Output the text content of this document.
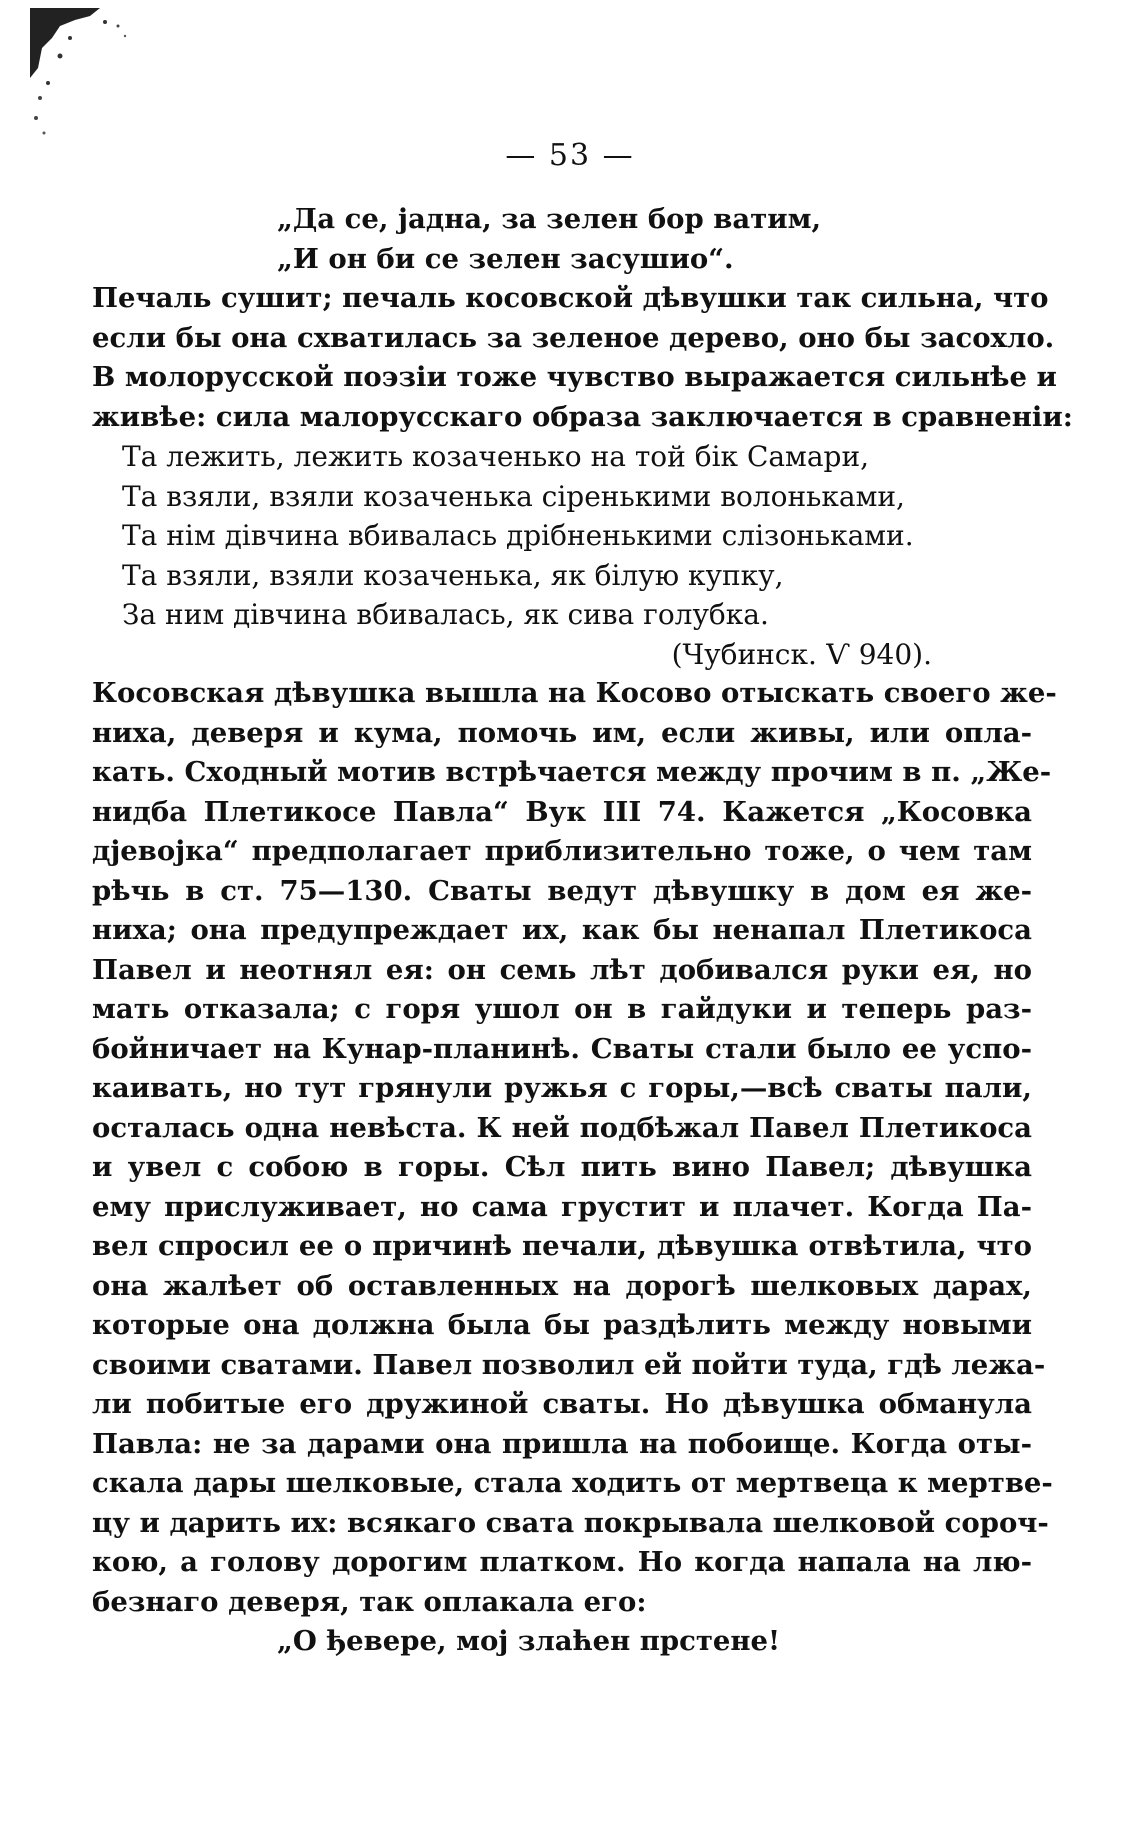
— 53 —
„Да се, јадна, за зелен бор ватим,
„И он би се зелен засушио“.
Печаль сушит; печаль косовской дѣвушки так сильна, что
если бы она схватилась за зеленое дерево, оно бы засохло.
В молорусской поэзіи тоже чувство выражается сильнѣе и
живѣе: сила малорусскаго образа заключается в сравненіи:
Та лежить, лежить козаченько на той бік Самари,
Та взяли, взяли козаченька сіренькими волоньками,
Та нім дівчина вбивалась дрібненькими слізоньками.
Та взяли, взяли козаченька, як білую купку,
За ним дівчина вбивалась, як сива голубка.
(Чубинск. Ѵ 940).
Косовская дѣвушка вышла на Косово отыскать своего же-
ниха, деверя и кума, помочь им, если живы, или опла-
кать. Сходный мотив встрѣчается между прочим в п. „Же-
нидба Плетикосе Павла“ Вук III 74. Кажется „Косовка
дјевојка“ предполагает приблизительно тоже, о чем там
рѣчь в ст. 75—130. Сваты ведут дѣвушку в дом ея же-
ниха; она предупреждает их, как бы ненапал Плетикоса
Павел и неотнял ея: он семь лѣт добивался руки ея, но
мать отказала; с горя ушол он в гайдуки и теперь раз-
бойничает на Кунар-планинѣ. Сваты стали было ее успо-
каивать, но тут грянули ружья с горы,—всѣ сваты пали,
осталась одна невѣста. К ней подбѣжал Павел Плетикоса
и увел с собою в горы. Сѣл пить вино Павел; дѣвушка
ему прислуживает, но сама грустит и плачет. Когда Па-
вел спросил ее о причинѣ печали, дѣвушка отвѣтила, что
она жалѣет об оставленных на дорогѣ шелковых дарах,
которые она должна была бы раздѣлить между новыми
своими сватами. Павел позволил ей пойти туда, гдѣ лежа-
ли побитые его дружиной сваты. Но дѣвушка обманула
Павла: не за дарами она пришла на побоище. Когда оты-
скала дары шелковые, стала ходить от мертвеца к мертве-
цу и дарить их: всякаго свата покрывала шелковой сороч-
кою, а голову дорогим платком. Но когда напала на лю-
безнаго деверя, так оплакала его:
„О ђевере, мој злаћен прстене!
